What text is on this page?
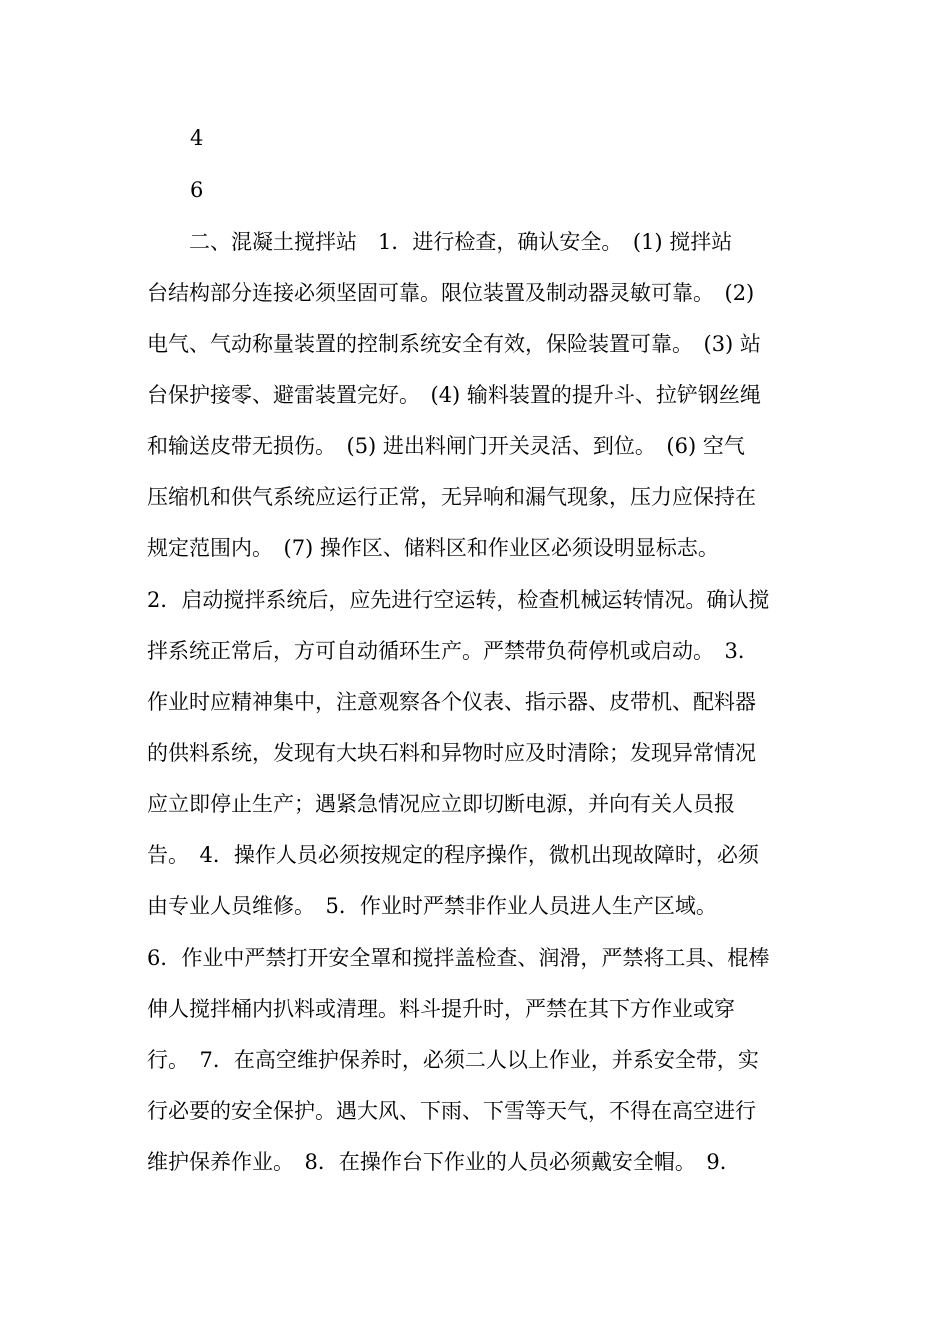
4
6
　　二、混凝土搅拌站　1．进行检查，确认安全。　(1) 搅拌站
台结构部分连接必须坚固可靠。限位装置及制动器灵敏可靠。　(2)
电气、气动称量装置的控制系统安全有效，保险装置可靠。　(3) 站
台保护接零、避雷装置完好。　(4) 输料装置的提升斗、拉铲钢丝绳
和输送皮带无损伤。　(5) 进出料闸门开关灵活、到位。　(6) 空气
压缩机和供气系统应运行正常，无异响和漏气现象，压力应保持在
规定范围内。　(7) 操作区、储料区和作业区必须设明显标志。
2．启动搅拌系统后，应先进行空运转，检查机械运转情况。确认搅
拌系统正常后，方可自动循环生产。严禁带负荷停机或启动。　3．
作业时应精神集中，注意观察各个仪表、指示器、皮带机、配料器
的供料系统，发现有大块石料和异物时应及时清除；发现异常情况
应立即停止生产；遇紧急情况应立即切断电源，并向有关人员报
告。　4．操作人员必须按规定的程序操作，微机出现故障时，必须
由专业人员维修。　5．作业时严禁非作业人员进人生产区域。
6．作业中严禁打开安全罩和搅拌盖检查、润滑，严禁将工具、棍棒
伸人搅拌桶内扒料或清理。料斗提升时，严禁在其下方作业或穿
行。　7．在高空维护保养时，必须二人以上作业，并系安全带，实
行必要的安全保护。遇大风、下雨、下雪等天气，不得在高空进行
维护保养作业。　8．在操作台下作业的人员必须戴安全帽。　9．
